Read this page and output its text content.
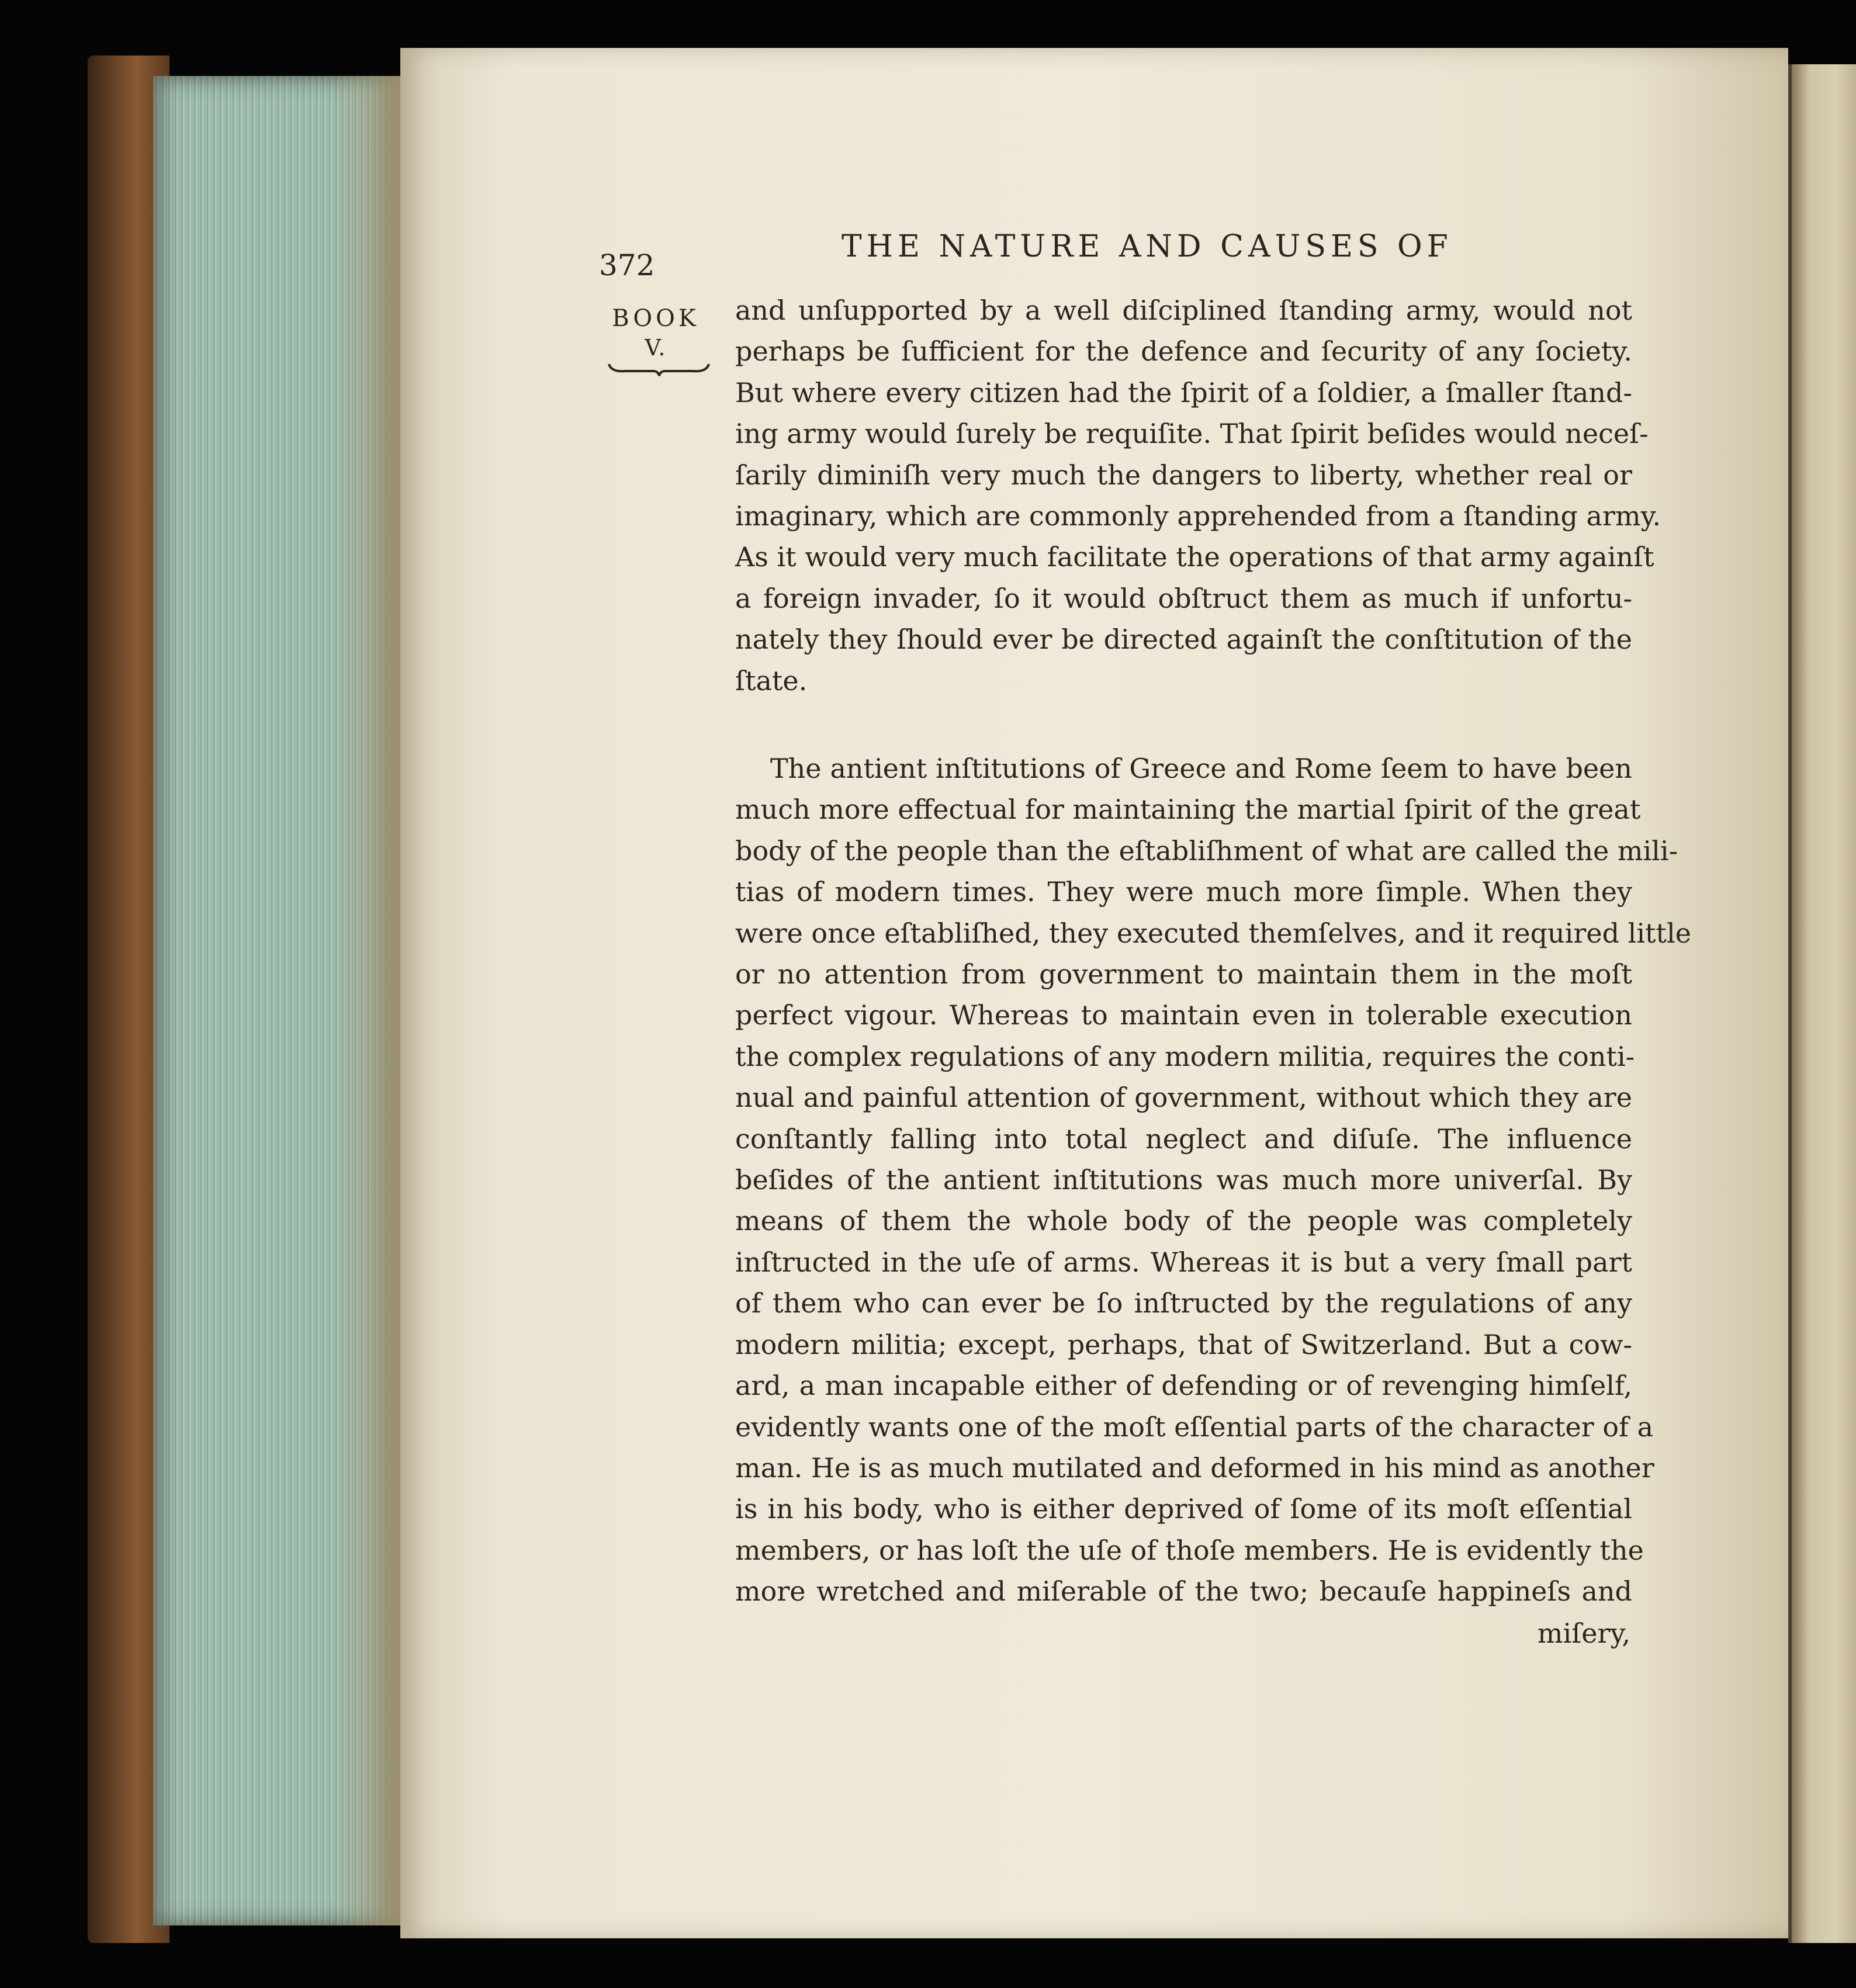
372
THE NATURE AND CAUSES OF
BOOK
V.
and unſupported by a well diſciplined ſtanding army, would not
perhaps be ſufficient for the defence and ſecurity of any ſociety.
But where every citizen had the ſpirit of a ſoldier, a ſmaller ſtand-
ing army would ſurely be requiſite. That ſpirit beſides would neceſ-
ſarily diminiſh very much the dangers to liberty, whether real or
imaginary, which are commonly apprehended from a ſtanding army.
As it would very much facilitate the operations of that army againſt
a foreign invader, ſo it would obſtruct them as much if unfortu-
nately they ſhould ever be directed againſt the conſtitution of the
ſtate.
The antient inſtitutions of Greece and Rome ſeem to have been
much more effectual for maintaining the martial ſpirit of the great
body of the people than the eſtabliſhment of what are called the mili-
tias of modern times. They were much more ſimple. When they
were once eſtabliſhed, they executed themſelves, and it required little
or no attention from government to maintain them in the moſt
perfect vigour. Whereas to maintain even in tolerable execution
the complex regulations of any modern militia, requires the conti-
nual and painful attention of government, without which they are
conſtantly falling into total neglect and diſuſe. The influence
beſides of the antient inſtitutions was much more univerſal. By
means of them the whole body of the people was completely
inſtructed in the uſe of arms. Whereas it is but a very ſmall part
of them who can ever be ſo inſtructed by the regulations of any
modern militia; except, perhaps, that of Switzerland. But a cow-
ard, a man incapable either of defending or of revenging himſelf,
evidently wants one of the moſt eſſential parts of the character of a
man. He is as much mutilated and deformed in his mind as another
is in his body, who is either deprived of ſome of its moſt eſſential
members, or has loſt the uſe of thoſe members. He is evidently the
more wretched and miſerable of the two; becauſe happineſs and
miſery,
